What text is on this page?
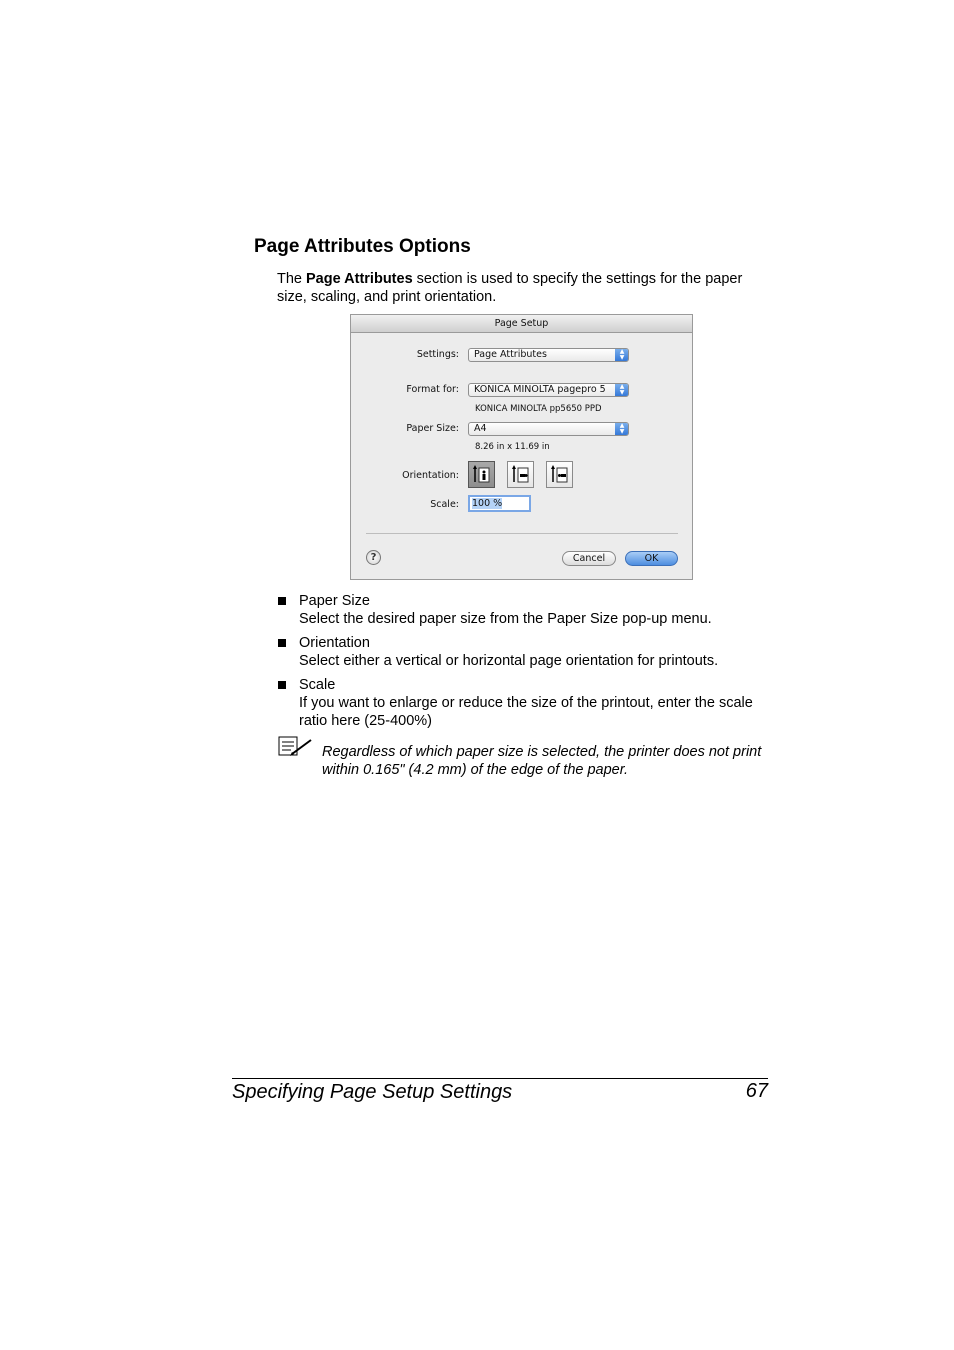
Page Attributes Options
The Page Attributes section is used to specify the settings for the paper size, scaling, and print orientation.
Page Setup
Settings:	Page Attributes	▲
▼
Format for:	KONICA MINOLTA pagepro 5	▲
▼
KONICA MINOLTA pp5650 PPD
Paper Size:	A4	▲
▼
8.26 in x 11.69 in
Orientation:
Scale:	100 %
?	Cancel	OK
Paper Size
Select the desired paper size from the Paper Size pop-up menu.
Orientation
Select either a vertical or horizontal page orientation for printouts.
Scale
If you want to enlarge or reduce the size of the printout, enter the scale ratio here (25-400%)
Regardless of which paper size is selected, the printer does not print within 0.165" (4.2 mm) of the edge of the paper.
Specifying Page Setup Settings	67
